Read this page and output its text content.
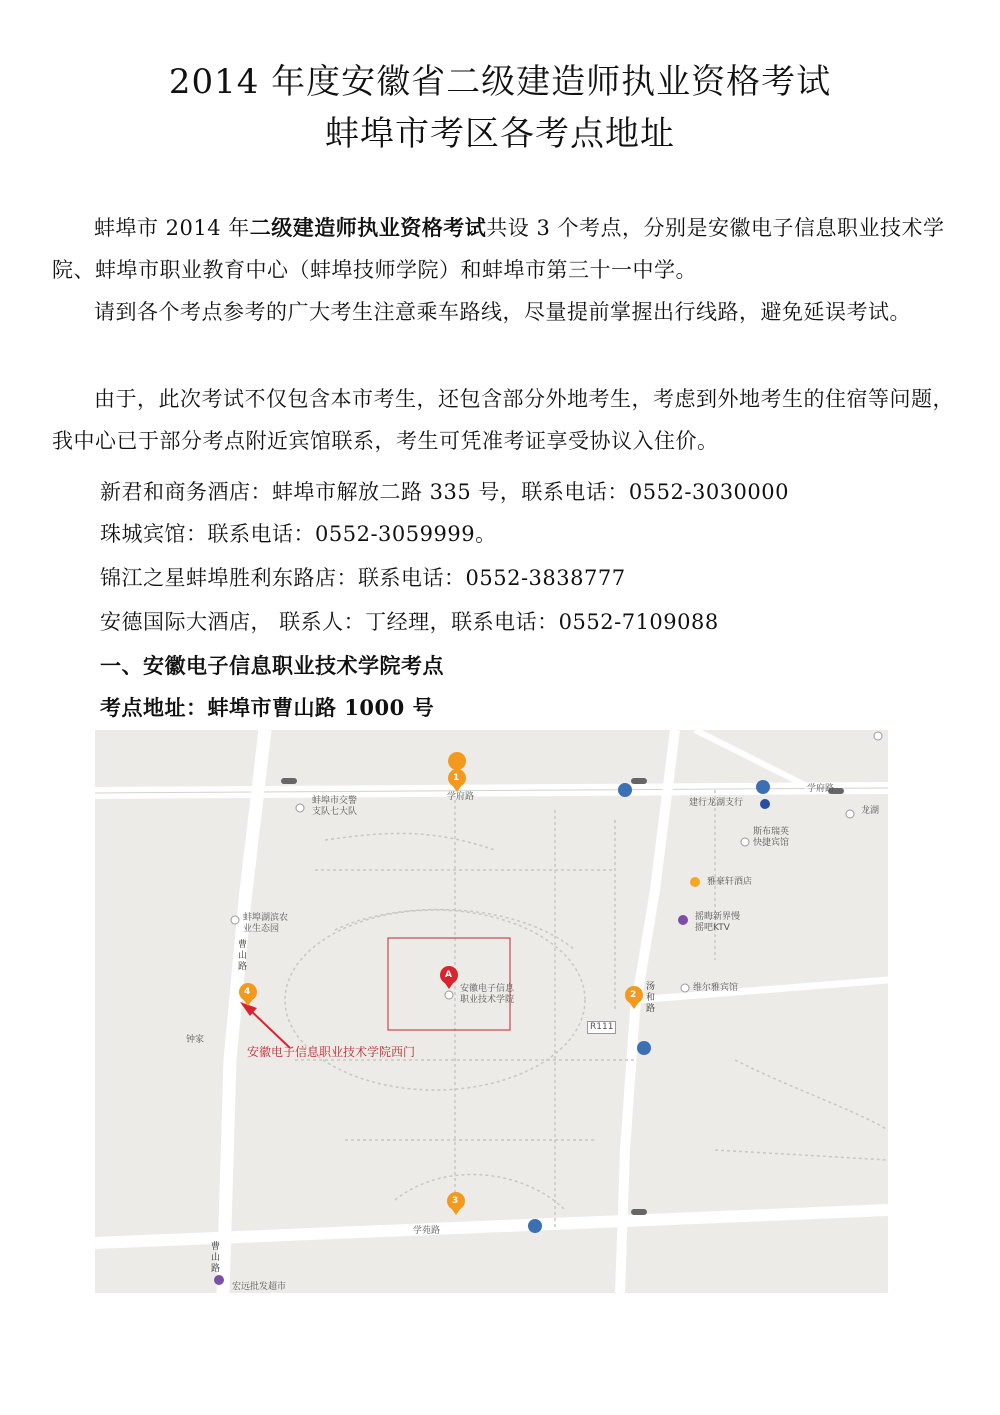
2014 年度安徽省二级建造师执业资格考试
蚌埠市考区各考点地址

蚌埠市 2014 年二级建造师执业资格考试共设 3 个考点，分别是安徽电子信息职业技术学院、蚌埠市职业教育中心（蚌埠技师学院）和蚌埠市第三十一中学。

请到各个考点参考的广大考生注意乘车路线，尽量提前掌握出行线路，避免延误考试。

由于，此次考试不仅包含本市考生，还包含部分外地考生，考虑到外地考生的住宿等问题，我中心已于部分考点附近宾馆联系，考生可凭准考证享受协议入住价。

新君和商务酒店：蚌埠市解放二路 335 号，联系电话：0552-3030000

珠城宾馆：联系电话：0552-3059999。

锦江之星蚌埠胜利东路店：联系电话：0552-3838777

安德国际大酒店， 联系人：丁经理，联系电话：0552-7109088

一、安徽电子信息职业技术学院考点

考点地址：蚌埠市曹山路 1000 号

1
2
3
4
A
学府路
学府路
蚌埠市交警
支队七大队
建行龙湖支行
斯布瑞英
快捷宾馆
雅豪轩酒店
摇晦新界慢
摇吧KTV
蚌埠湖滨农
业生态园
曹
山
路
曹
山
路
安徽电子信息
职业技术学院
汤
和
路
维尔雅宾馆
钟家
学苑路
宏远批发超市
龙湖
R111
安徽电子信息职业技术学院西门
